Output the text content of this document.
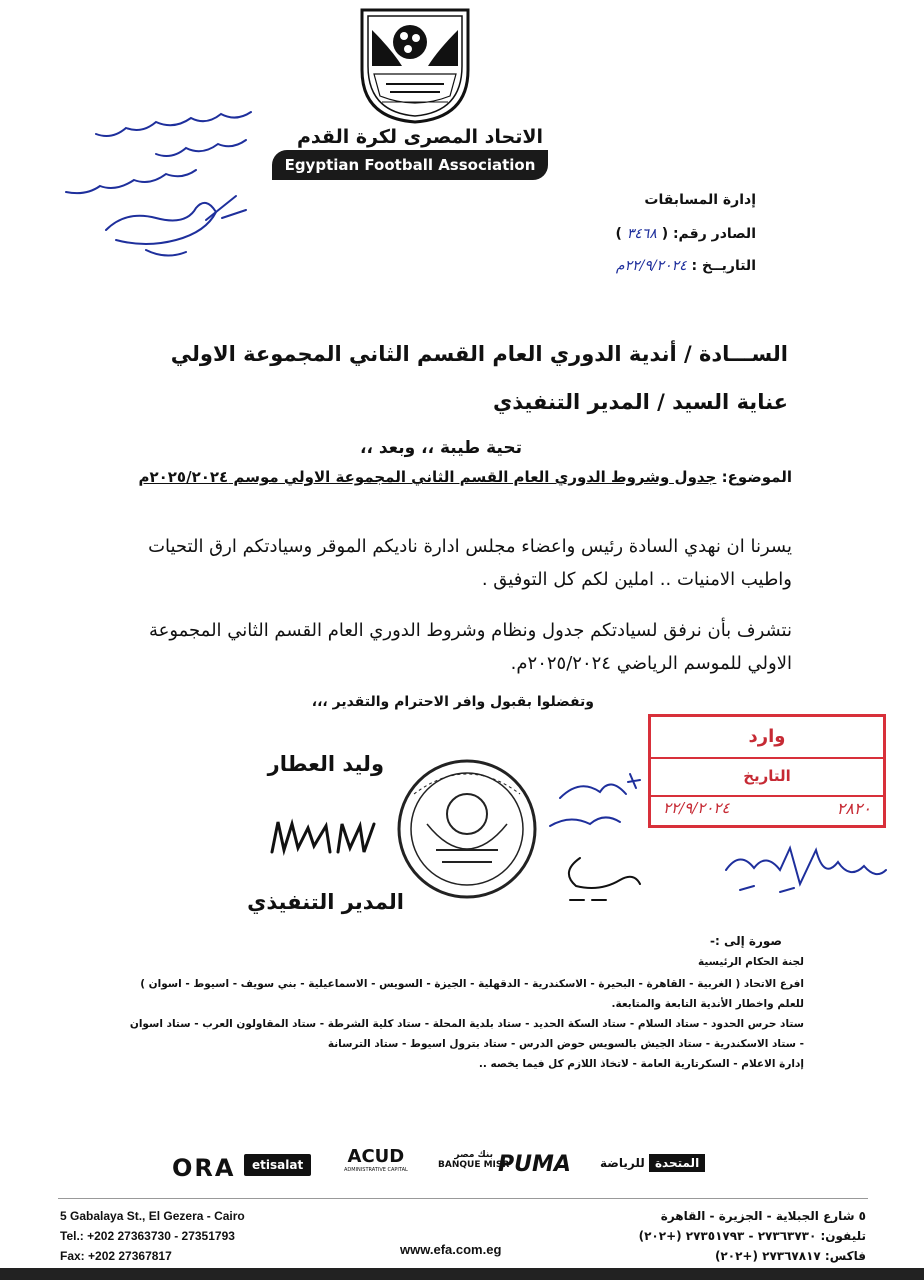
الاتحاد المصرى لكرة القدم
Egyptian Football Association
إدارة المسابقات
الصادر رقم: ( ٣٤٦٨ )
التاريــخ : ٢٢/٩/٢٠٢٤م
الســـادة / أندية الدوري العام القسم الثاني المجموعة الاولي
عناية السيد / المدير التنفيذي
تحية طيبة ،، وبعد ،،
الموضوع: جدول وشروط الدوري العام القسم الثاني المجموعة الاولي موسم ٢٠٢٥/٢٠٢٤م
يسرنا ان نهدي السادة رئيس واعضاء مجلس ادارة ناديكم الموقر وسيادتكم ارق التحيات واطيب الامنيات .. املين لكم كل التوفيق .
نتشرف بأن نرفق لسيادتكم جدول ونظام وشروط الدوري العام القسم الثاني المجموعة الاولي للموسم الرياضي ٢٠٢٥/٢٠٢٤م.
وتفضلوا بقبول وافر الاحترام والتقدير ،،،
وليد العطار
المدير التنفيذي
وارد
التاريخ
٢٨٢٠
٢٢/٩/٢٠٢٤
صورة إلى :-
لجنة الحكام الرئيسية
افرع الاتحاد ( الغربية - القاهرة - البحيرة - الاسكندرية - الدقهلية - الجيزة - السويس - الاسماعيلية - بني سويف - اسيوط - اسوان ) للعلم واخطار الأندية التابعة والمتابعة.
ستاد حرس الحدود - ستاد السلام - ستاد السكة الحديد - ستاد بلدية المحلة - ستاد كلية الشرطة - ستاد المقاولون العرب - ستاد اسوان - ستاد الاسكندرية - ستاد الجيش بالسويس حوض الدرس - ستاد بترول اسيوط - ستاد الترسانة
إدارة الاعلام - السكرتارية العامة - لاتخاذ اللازم كل فيما يخصه ..
ORA	etisalat	ACUD
ADMINISTRATIVE CAPITAL
بنك مصر
BANQUE MISR
PUMA	المتحدة للرياضة
5 Gabalaya St., El Gezera - Cairo
Tel.: +202 27363730 - 27351793
Fax: +202 27367817
٥ شارع الجبلاية - الجزيرة - القاهرة
تليفون: ٢٧٣٦٣٧٣٠ - ٢٧٣٥١٧٩٣ (+٢٠٢)
فاكس: ٢٧٣٦٧٨١٧ (+٢٠٢)
www.efa.com.eg
